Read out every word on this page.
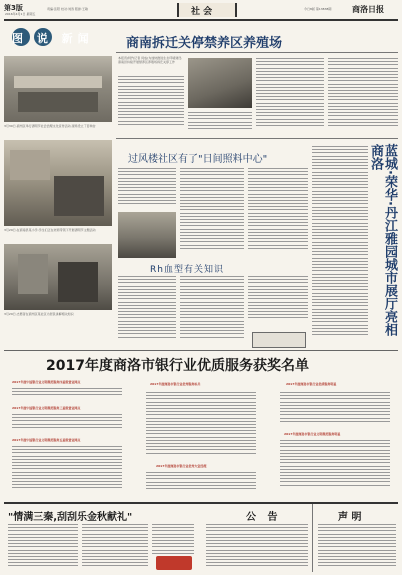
第3版
2016年4月1日 星期五
责编:张阳 校对:刘涛 照排:王敏	社 会	今日8版 第13838期	商洛日报
图 说 新闻
3月30日,商州区举行清明节社会治理文化宣传活动,现场设立了咨询台
3月29日,在商南县某小学,学生们正在老师带领下开展清明节主题活动
3月29日,志愿者在商州区某社区为居民讲解相关知识
商南拆迁关停禁养区养殖场
本报讯(特约记者 何成)为加快推进生态环境建设,商南县持续开展禁养区养殖场拆迁关停工作
过风楼社区有了"日间照料中心"
Rh血型有关知识	蓝城·荣华·丹江雅园城市展厅亮相商洛
2017年度商洛市银行业优质服务获奖名单
2017年度中国银行业文明规范服务四星级营业网点
2017年度中国银行业文明规范服务三星级营业网点
2017年度中国银行业文明规范服务五星级营业网点
2017年度商洛市银行业优秀服务标兵
2017年度商洛市银行业优秀大堂经理
2017年度商洛市银行业优质服务明星
2017年度商洛市银行业文明规范服务明星
"情满三秦,刮刮乐金秋献礼"	公 告	声 明
